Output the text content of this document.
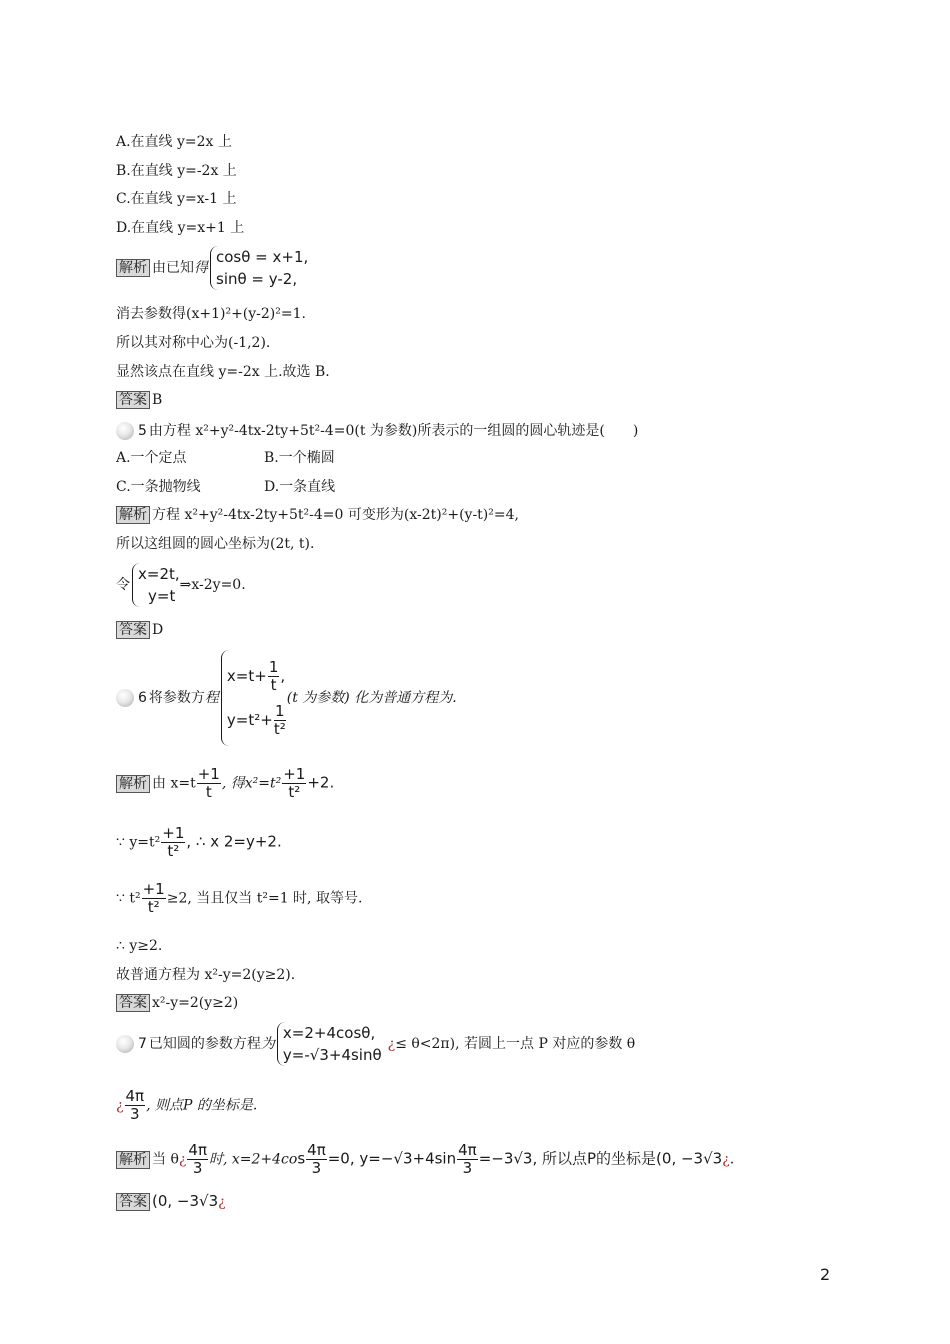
A.在直线 y=2x 上
B.在直线 y=-2x 上
C.在直线 y=x-1 上
D.在直线 y=x+1 上
解析 由已知得
cosθ = x+1,
sinθ = y-2,
消去参数得(x+1)²+(y-2)²=1.
所以其对称中心为(-1,2).
显然该点在直线 y=-2x 上.故选 B.
答案 B
5 由方程 x²+y²-4tx-2ty+5t²-4=0(t 为参数)所表示的一组圆的圆心轨迹是(　　)
A.一个定点	B.一个椭圆
C.一条抛物线	D.一条直线
解析 方程 x²+y²-4tx-2ty+5t²-4=0 可变形为(x-2t)²+(y-t)²=4,
所以这组圆的圆心坐标为(2t, t).
令
x=2t,
y=t
⇒x-2y=0.
答案 D
6 将参数方程
$x=t+ \frac{1}{t}$ ,
$y=t^2+ \frac{1}{\text{t²}}$
(t 为参数) 化为普通方程为.
解析 由 $x=t \frac{+1}{t}$ , 得$x^2=t^2 \frac{+1}{\text{t²}} +2$.
∵ $y=t^2 \frac{+1}{\text{t²}}$ , ∴ x 2=y+2.
∵ $t^2 \frac{+1}{\text{t²}} \ge 2$, 当且仅当 t²=1 时, 取等号.
∴ y≥2.
故普通方程为 x²-y=2(y≥2).
答案 x²-y=2(y≥2)
7 已知圆的参数方程为
x=2+4cosθ,
y=-√3+4sinθ
¿≤ θ<2π), 若圆上一点 P 对应的参数 θ
¿ $\frac{4\pi}{3}$ , 则点P 的坐标是.
解析 当 θ¿ $\frac{4\pi}{3}$ 时, $x=2+4\cos \frac{4\pi}{3} =0$, $y=-√3+4\sin \frac{4\pi}{3} =-3√3$, 所以点P的坐标是(0, −3√3¿.
答案 (0, −3√3¿
2
